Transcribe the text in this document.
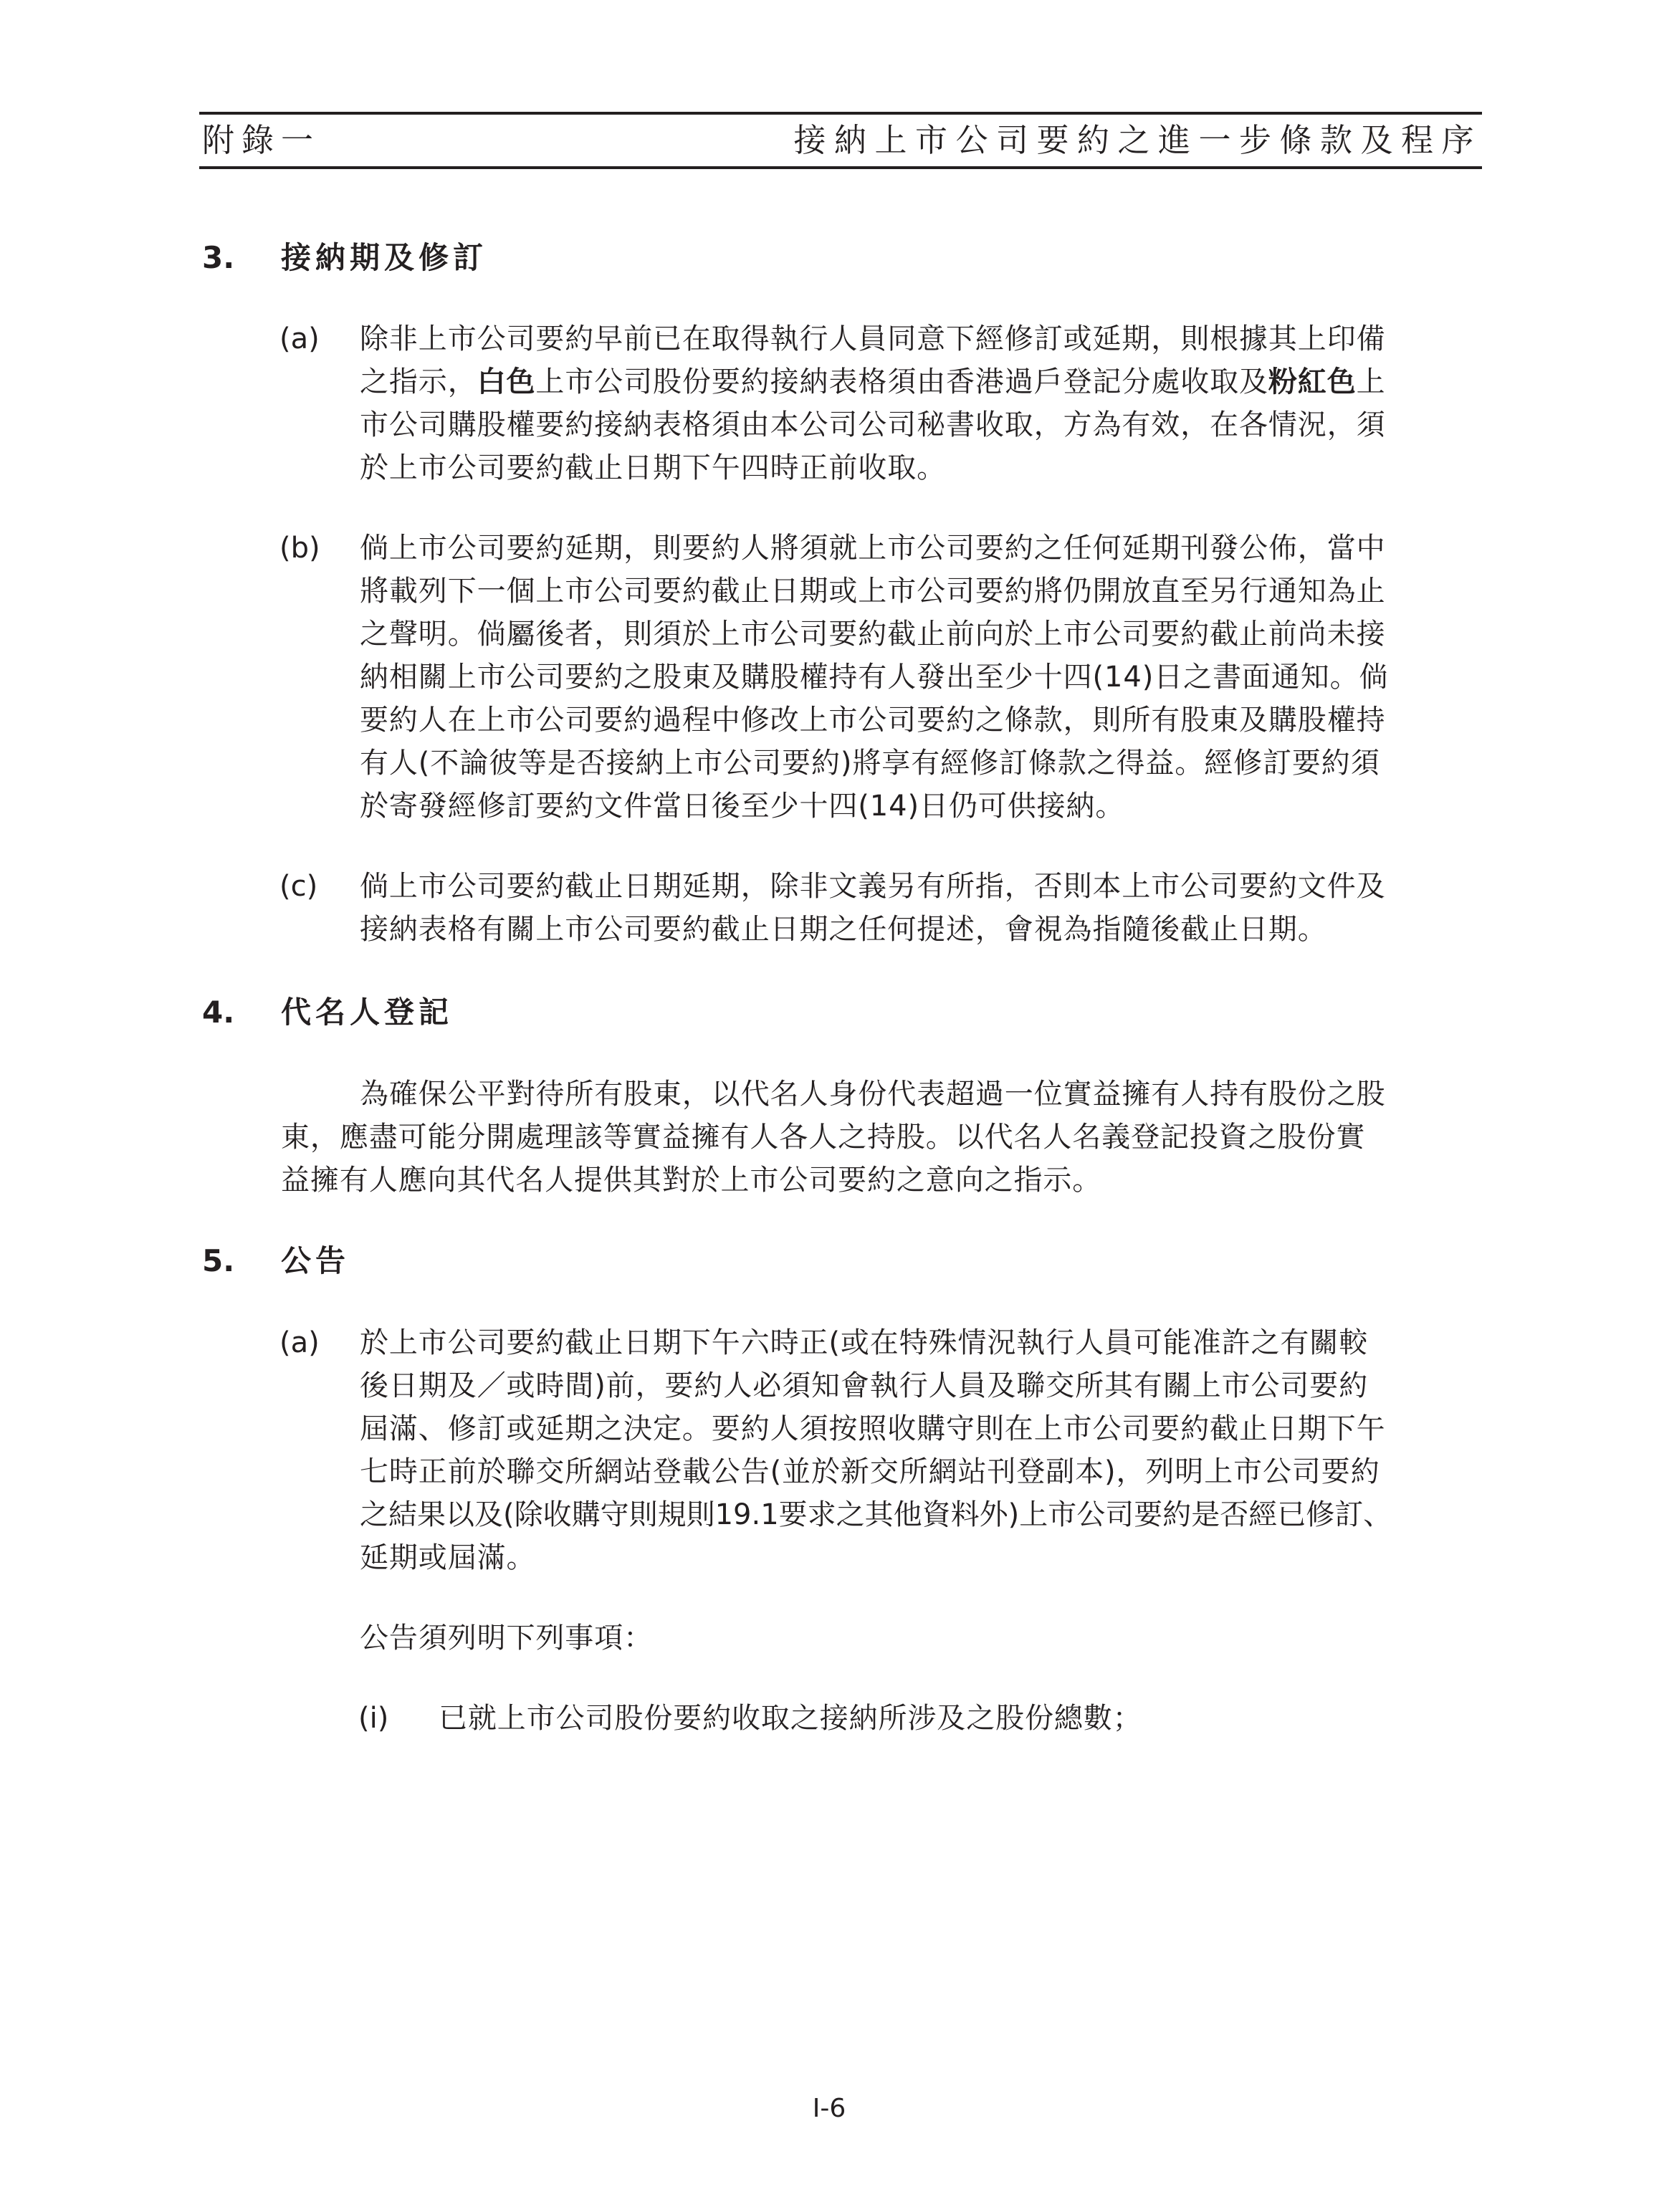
附錄一	接納上市公司要約之進一步條款及程序
3. 接納期及修訂
(a) 除非上市公司要約早前已在取得執行人員同意下經修訂或延期，則根據其上印備
之指示，白色上市公司股份要約接納表格須由香港過戶登記分處收取及粉紅色上
市公司購股權要約接納表格須由本公司公司秘書收取，方為有效，在各情況，須
於上市公司要約截止日期下午四時正前收取。
(b) 倘上市公司要約延期，則要約人將須就上市公司要約之任何延期刊發公佈，當中
將載列下一個上市公司要約截止日期或上市公司要約將仍開放直至另行通知為止
之聲明。倘屬後者，則須於上市公司要約截止前向於上市公司要約截止前尚未接
納相關上市公司要約之股東及購股權持有人發出至少十四(14)日之書面通知。倘
要約人在上市公司要約過程中修改上市公司要約之條款，則所有股東及購股權持
有人(不論彼等是否接納上市公司要約)將享有經修訂條款之得益。經修訂要約須
於寄發經修訂要約文件當日後至少十四(14)日仍可供接納。
(c) 倘上市公司要約截止日期延期，除非文義另有所指，否則本上市公司要約文件及
接納表格有關上市公司要約截止日期之任何提述，會視為指隨後截止日期。
4. 代名人登記
為確保公平對待所有股東，以代名人身份代表超過一位實益擁有人持有股份之股
東，應盡可能分開處理該等實益擁有人各人之持股。以代名人名義登記投資之股份實
益擁有人應向其代名人提供其對於上市公司要約之意向之指示。
5. 公告
(a) 於上市公司要約截止日期下午六時正(或在特殊情況執行人員可能准許之有關較
後日期及／或時間)前，要約人必須知會執行人員及聯交所其有關上市公司要約
屆滿、修訂或延期之決定。要約人須按照收購守則在上市公司要約截止日期下午
七時正前於聯交所網站登載公告(並於新交所網站刊登副本)，列明上市公司要約
之結果以及(除收購守則規則19.1要求之其他資料外)上市公司要約是否經已修訂、
延期或屆滿。
公告須列明下列事項：
(i) 已就上市公司股份要約收取之接納所涉及之股份總數；
I-6
